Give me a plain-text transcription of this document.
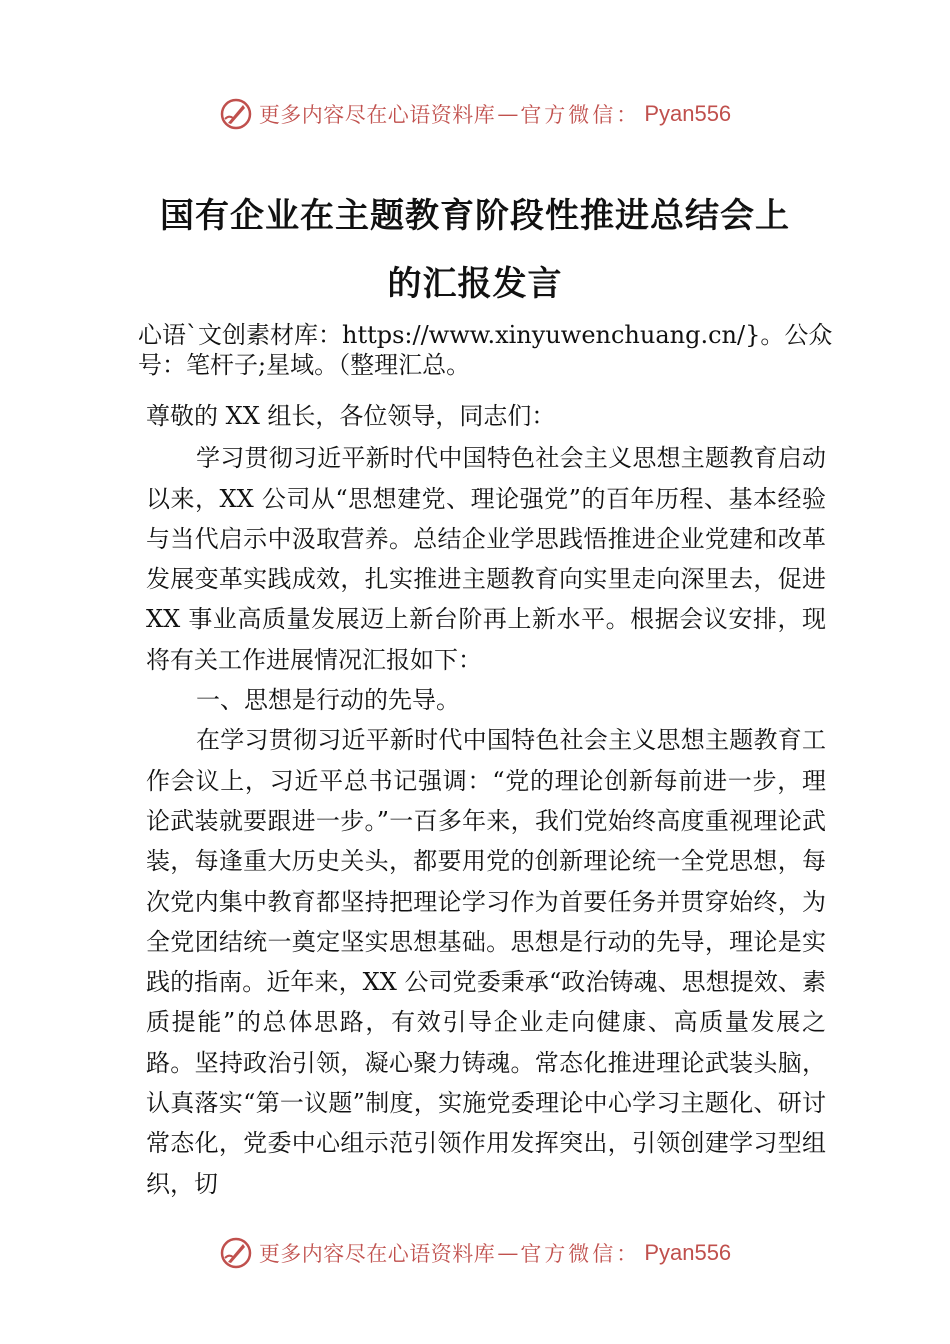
更多内容尽在心语资料库 — 官方微信： Pyan556
国有企业在主题教育阶段性推进总结会上
的汇报发言
心语`文创素材库：https://www.xinyuwenchuang.cn/}。公众号：笔杆子;星域。（整理汇总。

尊敬的 XX 组长，各位领导，同志们：

学习贯彻习近平新时代中国特色社会主义思想主题教育启动以来，XX 公司从“思想建党、理论强党”的百年历程、基本经验与当代启示中汲取营养。总结企业学思践悟推进企业党建和改革发展变革实践成效，扎实推进主题教育向实里走向深里去，促进 XX 事业高质量发展迈上新台阶再上新水平。根据会议安排，现将有关工作进展情况汇报如下：

一、思想是行动的先导。

在学习贯彻习近平新时代中国特色社会主义思想主题教育工作会议上，习近平总书记强调：“党的理论创新每前进一步，理论武装就要跟进一步。”一百多年来，我们党始终高度重视理论武装，每逢重大历史关头，都要用党的创新理论统一全党思想，每次党内集中教育都坚持把理论学习作为首要任务并贯穿始终，为全党团结统一奠定坚实思想基础。思想是行动的先导，理论是实践的指南。近年来，XX 公司党委秉承“政治铸魂、思想提效、素质提能”的总体思路，有效引导企业走向健康、高质量发展之路。坚持政治引领，凝心聚力铸魂。常态化推进理论武装头脑，认真落实“第一议题”制度，实施党委理论中心学习主题化、研讨常态化，党委中心组示范引领作用发挥突出，引领创建学习型组织，切

更多内容尽在心语资料库 — 官方微信： Pyan556
